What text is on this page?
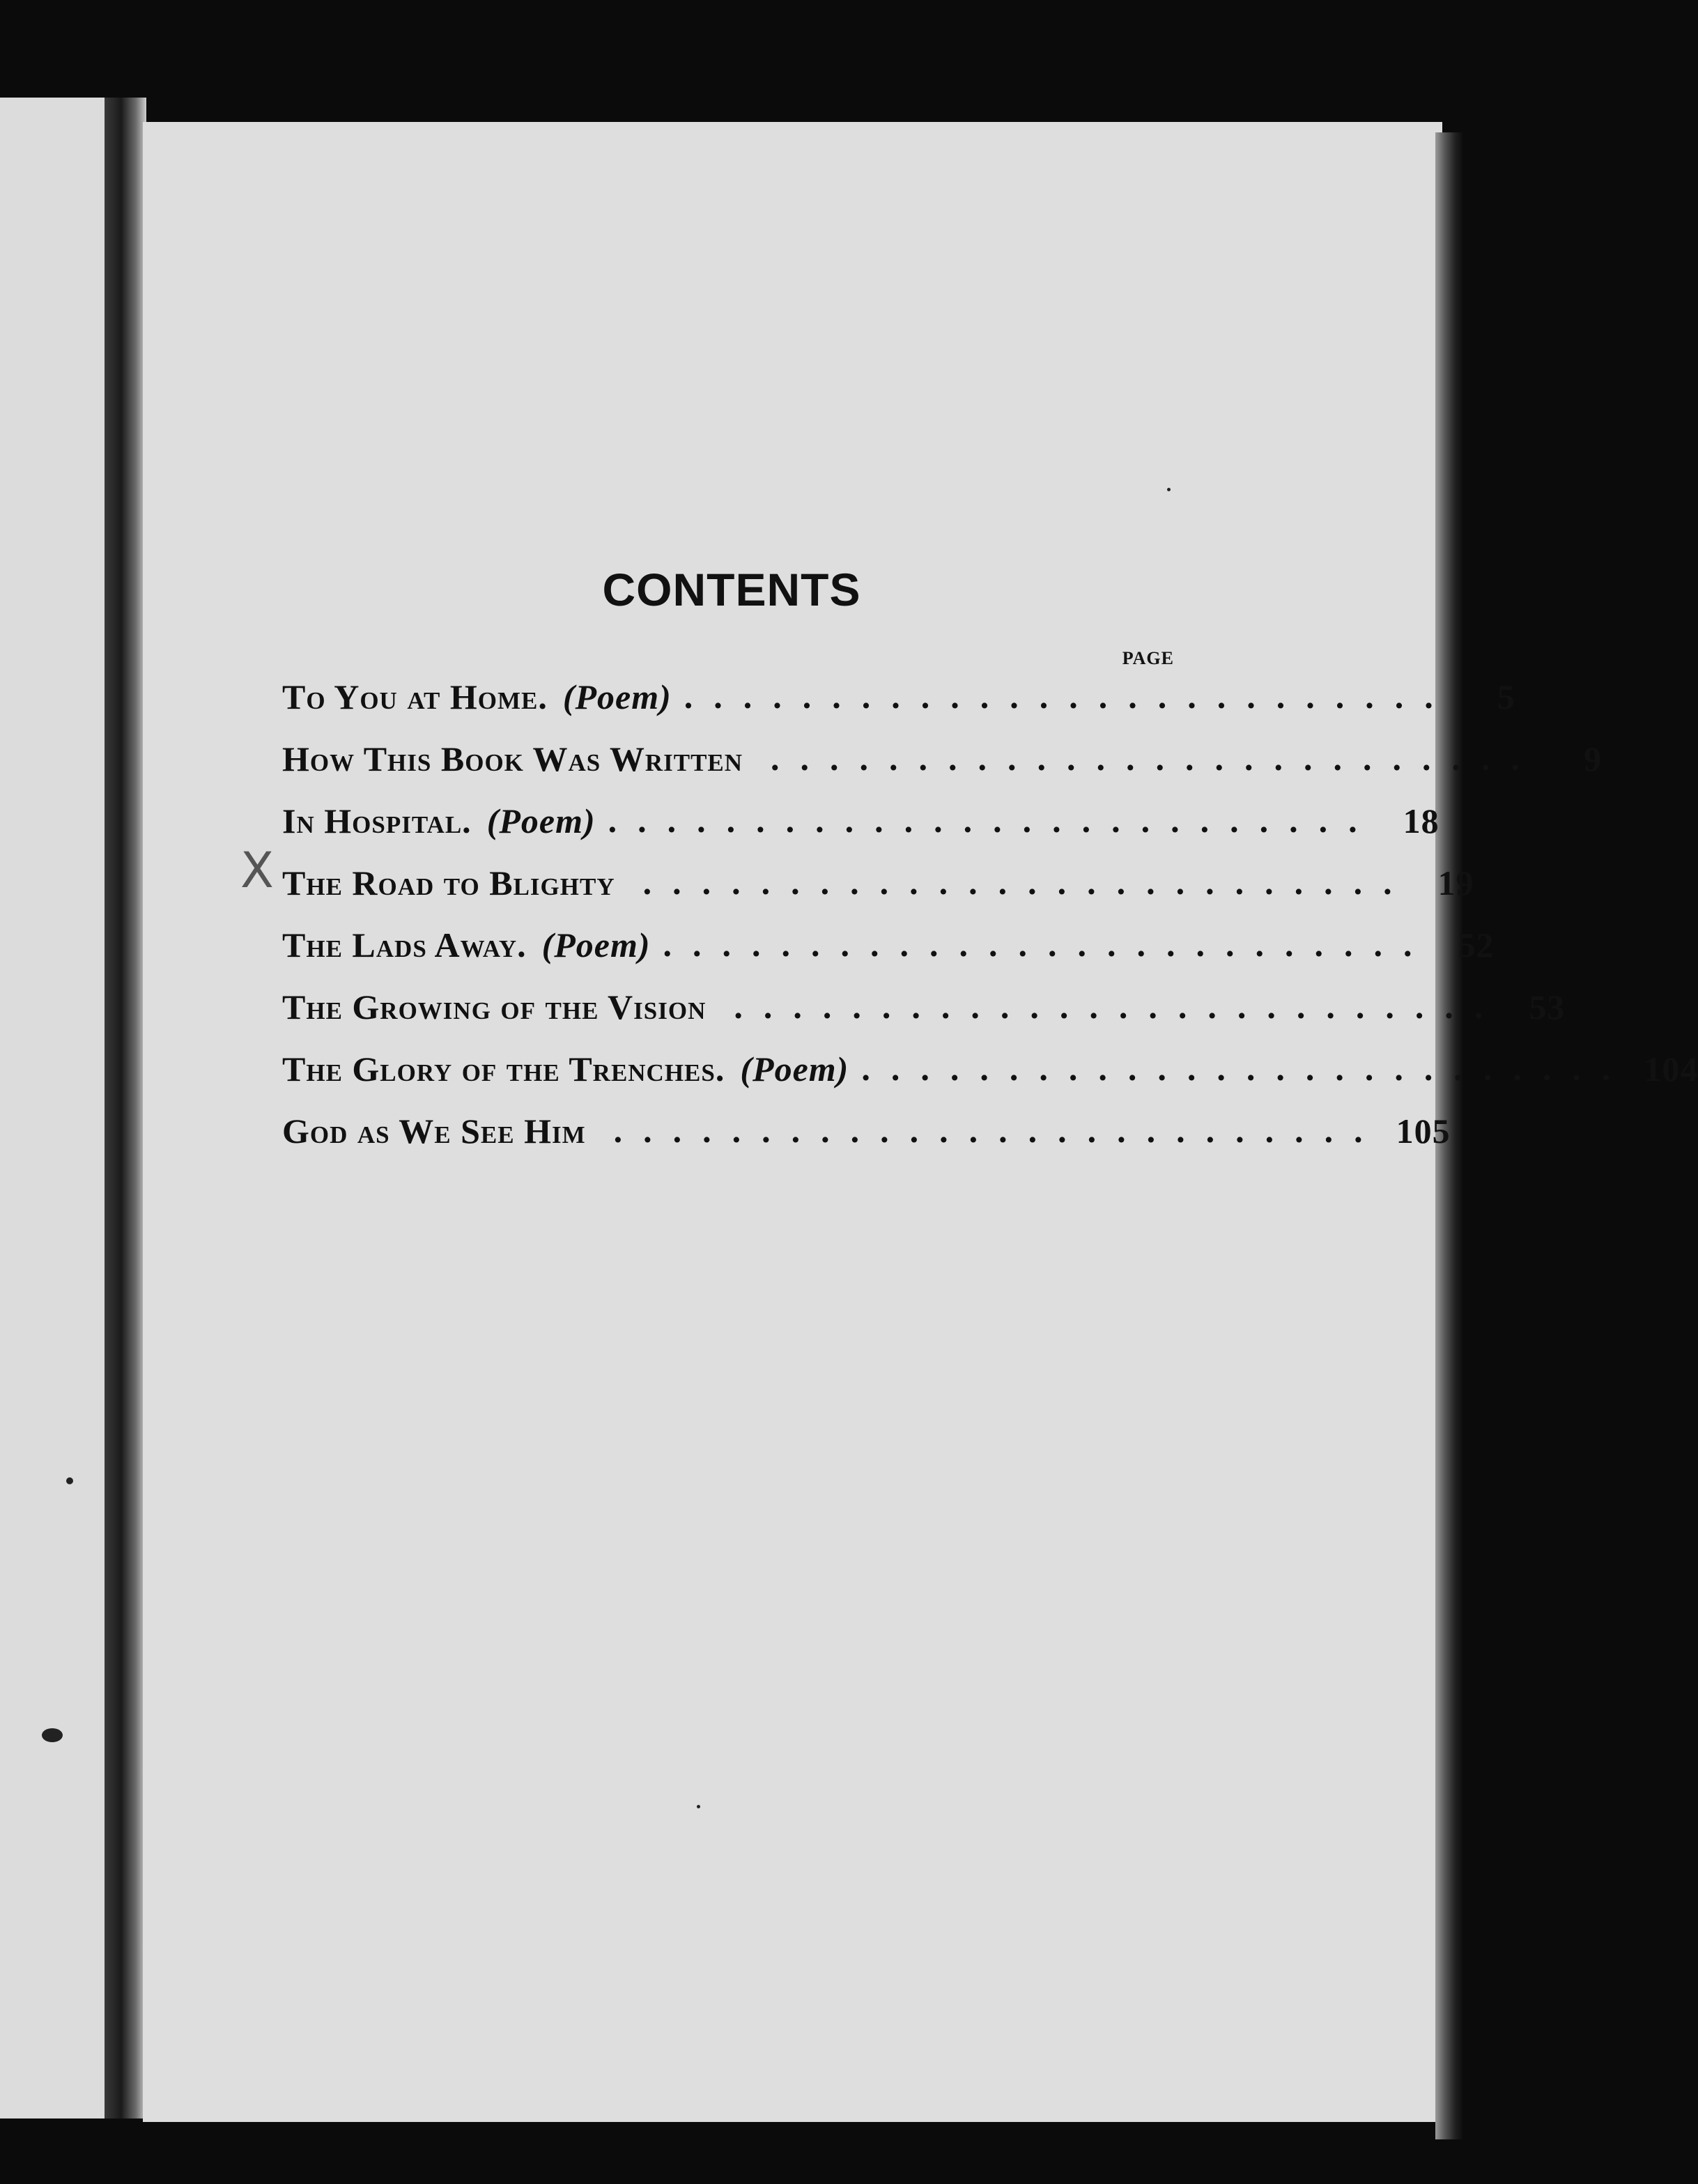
X
CONTENTS
PAGE
To You at Home. (Poem) ..........................	5
How This Book Was Written ..........................	9
In Hospital. (Poem) .......................... 18
The Road to Blighty .......................... 19
The Lads Away. (Poem) .......................... 52
The Growing of the Vision .......................... 53
The Glory of the Trenches. (Poem) .......................... 104
God as We See Him .......................... 105
